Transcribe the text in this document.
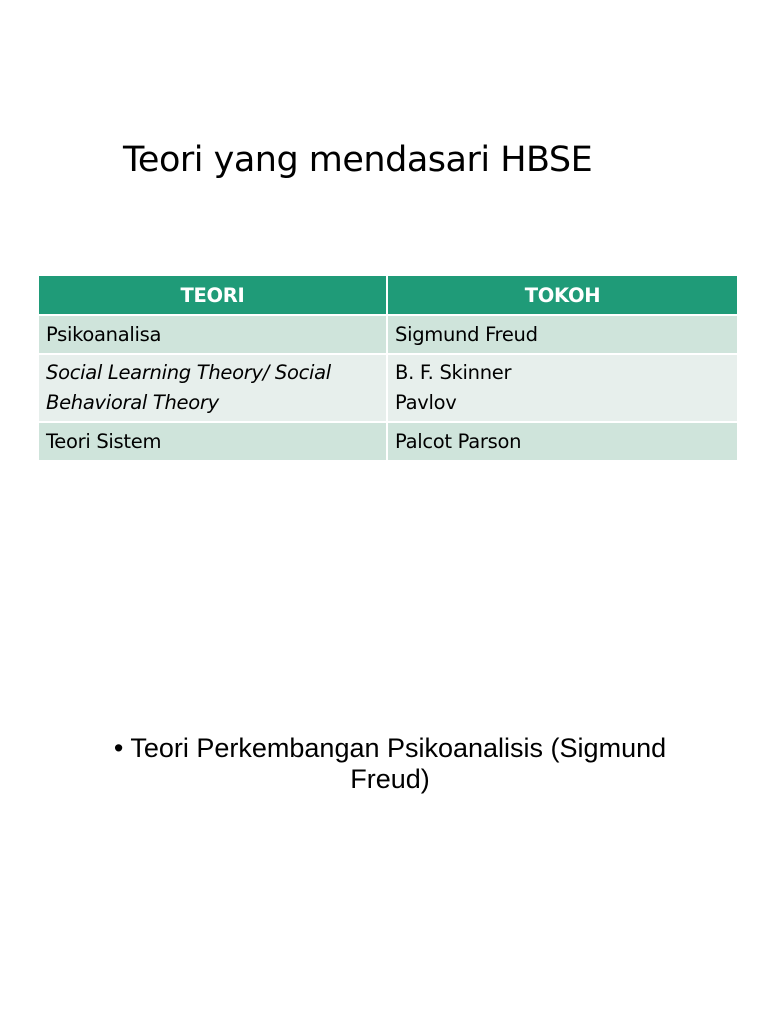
Teori yang mendasari HBSE
TEORI	TOKOH

Psikoanalisa	Sigmund Freud

Social Learning Theory/ Social
Behavioral Theory	B. F. Skinner
Pavlov

Teori Sistem	Palcot Parson
• Teori Perkembangan Psikoanalisis (Sigmund
Freud)
